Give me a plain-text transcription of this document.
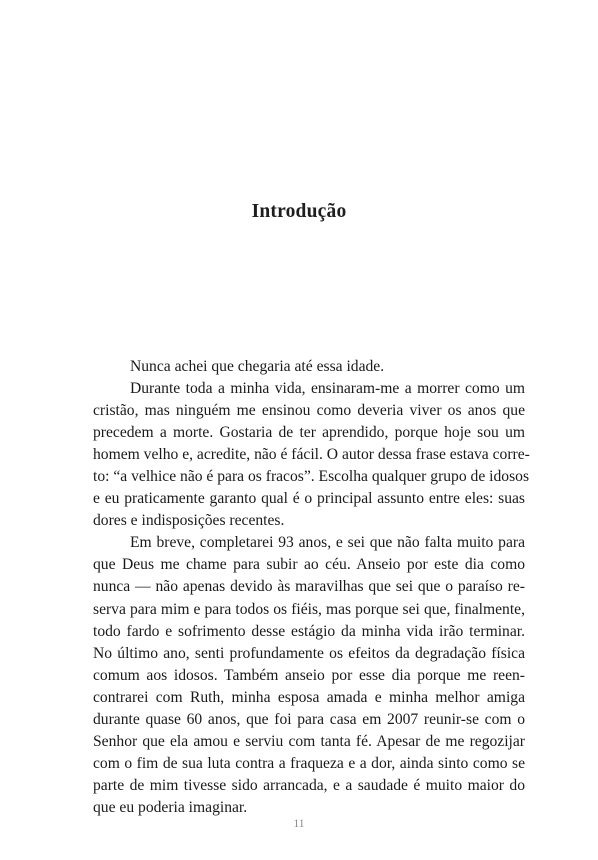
Introdução
Nunca achei que chegaria até essa idade.
Durante toda a minha vida, ensinaram-me a morrer como um
cristão, mas ninguém me ensinou como deveria viver os anos que
precedem a morte. Gostaria de ter aprendido, porque hoje sou um
homem velho e, acredite, não é fácil. O autor dessa frase estava corre-
to: “a velhice não é para os fracos”. Escolha qualquer grupo de idosos
e eu praticamente garanto qual é o principal assunto entre eles: suas
dores e indisposições recentes.
Em breve, completarei 93 anos, e sei que não falta muito para
que Deus me chame para subir ao céu. Anseio por este dia como
nunca — não apenas devido às maravilhas que sei que o paraíso re-
serva para mim e para todos os fiéis, mas porque sei que, finalmente,
todo fardo e sofrimento desse estágio da minha vida irão terminar.
No último ano, senti profundamente os efeitos da degradação física
comum aos idosos. Também anseio por esse dia porque me reen-
contrarei com Ruth, minha esposa amada e minha melhor amiga
durante quase 60 anos, que foi para casa em 2007 reunir-se com o
Senhor que ela amou e serviu com tanta fé. Apesar de me regozijar
com o fim de sua luta contra a fraqueza e a dor, ainda sinto como se
parte de mim tivesse sido arrancada, e a saudade é muito maior do
que eu poderia imaginar.
11
